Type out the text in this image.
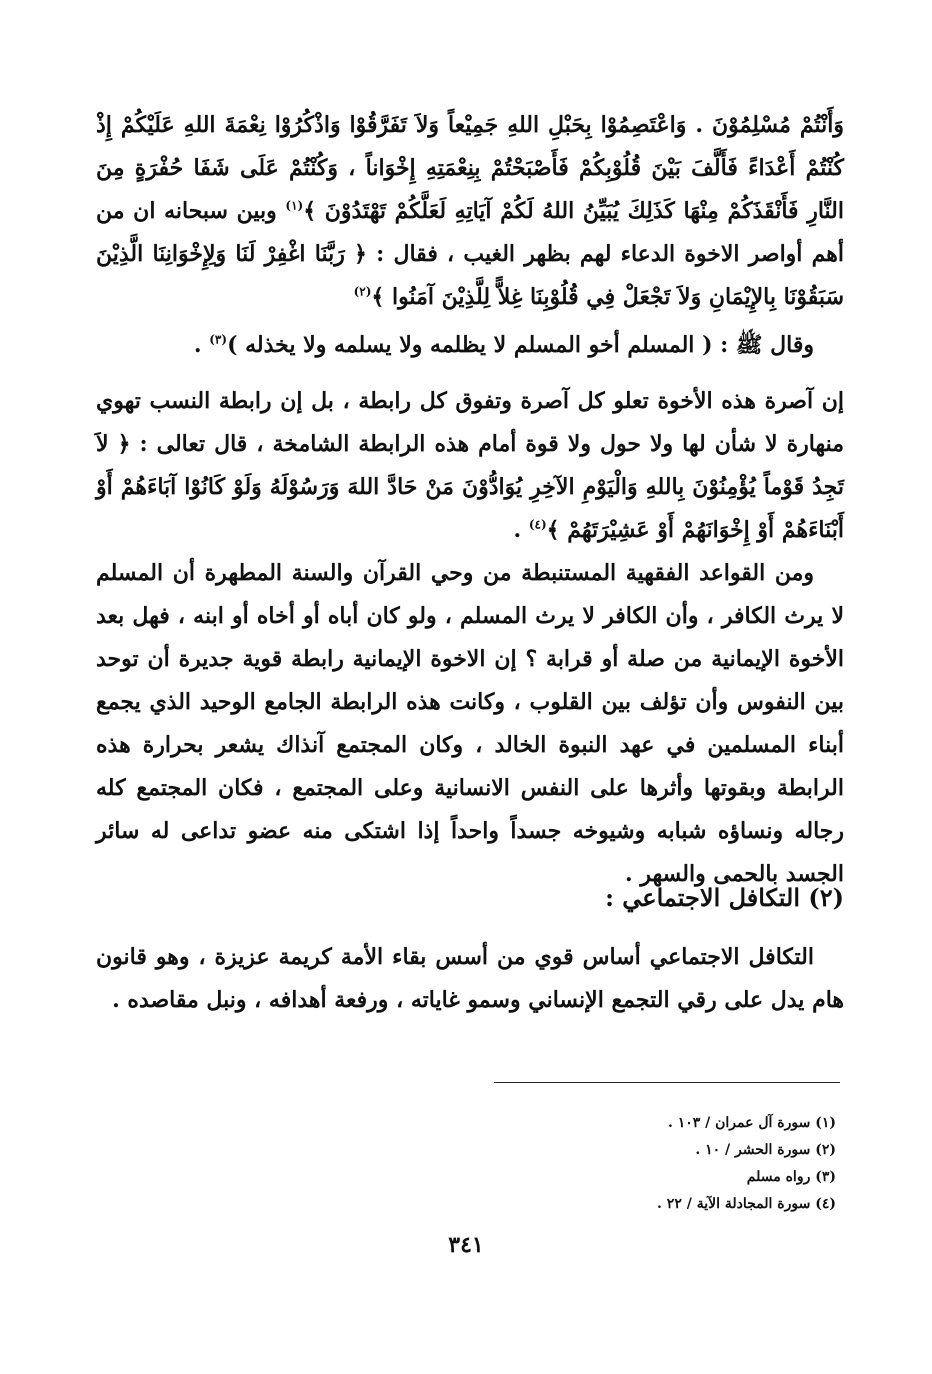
وَأَنْتُمْ مُسْلِمُوْنَ . وَاعْتَصِمُوْا بِحَبْلِ اللهِ جَمِيْعاً وَلاَ تَفَرَّقُوْا وَاذْكُرُوْا نِعْمَةَ اللهِ عَلَيْكُمْ إِذْ كُنْتُمْ أَعْدَاءً فَأَلَّفَ بَيْنَ قُلُوْبِكُمْ فَأَصْبَحْتُمْ بِنِعْمَتِهِ إِخْوَاناً ، وَكُنْتُمْ عَلَى شَفَا حُفْرَةٍ مِنَ النَّارِ فَأَنْقَذَكُمْ مِنْهَا كَذَلِكَ يُبَيِّنُ اللهُ لَكُمْ آيَاتِهِ لَعَلَّكُمْ تَهْتَدُوْنَ ﴾$^{(١)}$ وبين سبحانه ان من أهم أواصر الاخوة الدعاء لهم بظهر الغيب ، فقال : ﴿ رَبَّنَا اغْفِرْ لَنَا وَلِإِخْوَانِنَا الَّذِيْنَ سَبَقُوْنَا بِالإِيْمَانِ وَلاَ تَجْعَلْ فِي قُلُوْبِنَا غِلاًّ لِلَّذِيْنَ آمَنُوا ﴾$^{(٢)}$

وقال ﷺ : ( المسلم أخو المسلم لا يظلمه ولا يسلمه ولا يخذله )$^{(٣)}$ .

إن آصرة هذه الأخوة تعلو كل آصرة وتفوق كل رابطة ، بل إن رابطة النسب تهوي منهارة لا شأن لها ولا حول ولا قوة أمام هذه الرابطة الشامخة ، قال تعالى : ﴿ لاَ تَجِدُ قَوْماً يُؤْمِنُوْنَ بِاللهِ وَالْيَوْمِ الآخِرِ يُوَادُّوْنَ مَنْ حَادَّ اللهَ وَرَسُوْلَهُ وَلَوْ كَانُوْا آبَاءَهُمْ أَوْ أَبْنَاءَهُمْ أَوْ إِخْوَانَهُمْ أَوْ عَشِيْرَتَهُمْ ﴾$^{(٤)}$ .

ومن القواعد الفقهية المستنبطة من وحي القرآن والسنة المطهرة أن المسلم لا يرث الكافر ، وأن الكافر لا يرث المسلم ، ولو كان أباه أو أخاه أو ابنه ، فهل بعد الأخوة الإيمانية من صلة أو قرابة ؟ إن الاخوة الإيمانية رابطة قوية جديرة أن توحد بين النفوس وأن تؤلف بين القلوب ، وكانت هذه الرابطة الجامع الوحيد الذي يجمع أبناء المسلمين في عهد النبوة الخالد ، وكان المجتمع آنذاك يشعر بحرارة هذه الرابطة وبقوتها وأثرها على النفس الانسانية وعلى المجتمع ، فكان المجتمع كله رجاله ونساؤه شبابه وشيوخه جسداً واحداً إذا اشتكى منه عضو تداعى له سائر الجسد بالحمى والسهر .

(٢) التكافل الاجتماعي :

التكافل الاجتماعي أساس قوي من أسس بقاء الأمة كريمة عزيزة ، وهو قانون هام يدل على رقي التجمع الإنساني وسمو غاياته ، ورفعة أهدافه ، ونبل مقاصده .

(١) سورة آل عمران / ١٠٣ .
(٢) سورة الحشر / ١٠ .
(٣) رواه مسلم
(٤) سورة المجادلة الآية / ٢٢ .
٣٤١
